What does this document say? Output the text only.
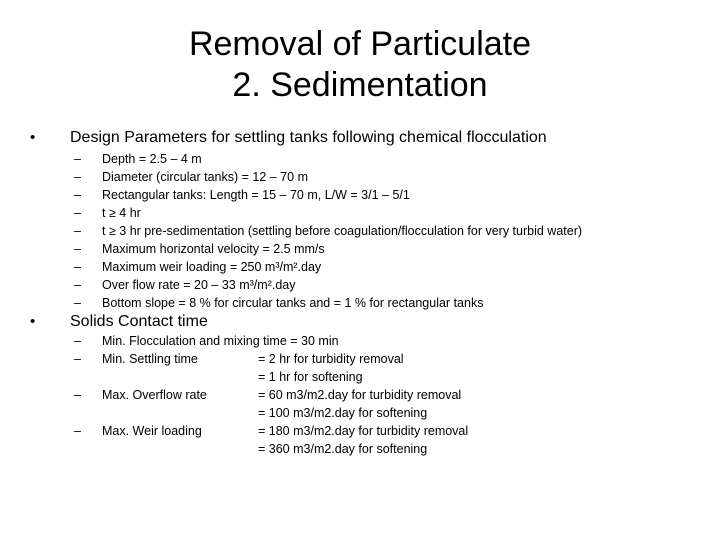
Removal of Particulate
2. Sedimentation
•	Design Parameters for settling tanks following chemical flocculation
– Depth = 2.5 – 4 m
– Diameter (circular tanks) = 12 – 70 m
– Rectangular tanks: Length = 15 – 70 m, L/W = 3/1 – 5/1
– t ≥ 4 hr
– t ≥ 3 hr pre-sedimentation (settling before coagulation/flocculation for very turbid water)
– Maximum horizontal velocity = 2.5 mm/s
– Maximum weir loading = 250 m³/m².day
– Over flow rate = 20 – 33 m³/m².day
– Bottom slope = 8 % for circular tanks and = 1 % for rectangular tanks
•	Solids Contact time
– Min. Flocculation and mixing time = 30 min
– Min. Settling time	= 2 hr for turbidity removal
= 1 hr for softening
– Max. Overflow rate	= 60 m3/m2.day for turbidity removal
= 100 m3/m2.day for softening
– Max. Weir loading	= 180 m3/m2.day for turbidity removal
= 360 m3/m2.day for softening
